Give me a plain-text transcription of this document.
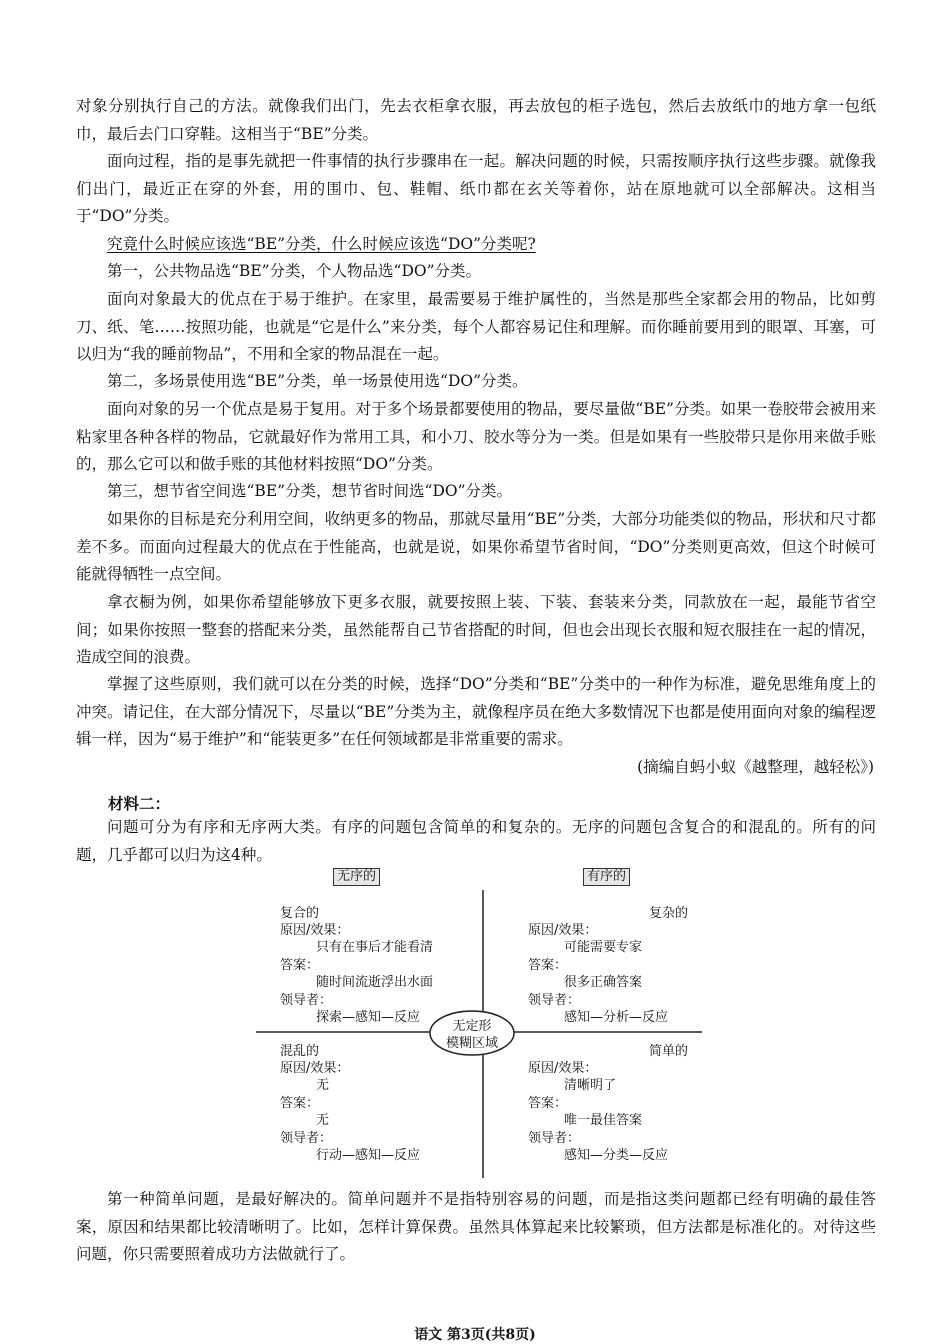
对象分别执行自己的方法。就像我们出门，先去衣柜拿衣服，再去放包的柜子选包，然后去放纸巾的地方拿一包纸巾，最后去门口穿鞋。这相当于“BE”分类。

面向过程，指的是事先就把一件事情的执行步骤串在一起。解决问题的时候，只需按顺序执行这些步骤。就像我们出门，最近正在穿的外套，用的围巾、包、鞋帽、纸巾都在玄关等着你，站在原地就可以全部解决。这相当于“DO”分类。

究竟什么时候应该选“BE”分类，什么时候应该选“DO”分类呢?

第一，公共物品选“BE”分类，个人物品选“DO”分类。

面向对象最大的优点在于易于维护。在家里，最需要易于维护属性的，当然是那些全家都会用的物品，比如剪刀、纸、笔……按照功能，也就是“它是什么”来分类，每个人都容易记住和理解。而你睡前要用到的眼罩、耳塞，可以归为“我的睡前物品”，不用和全家的物品混在一起。

第二，多场景使用选“BE”分类，单一场景使用选“DO”分类。

面向对象的另一个优点是易于复用。对于多个场景都要使用的物品，要尽量做“BE”分类。如果一卷胶带会被用来粘家里各种各样的物品，它就最好作为常用工具，和小刀、胶水等分为一类。但是如果有一些胶带只是你用来做手账的，那么它可以和做手账的其他材料按照“DO”分类。

第三，想节省空间选“BE”分类，想节省时间选“DO”分类。

如果你的目标是充分利用空间，收纳更多的物品，那就尽量用“BE”分类，大部分功能类似的物品，形状和尺寸都差不多。而面向过程最大的优点在于性能高，也就是说，如果你希望节省时间，“DO”分类则更高效，但这个时候可能就得牺牲一点空间。

拿衣橱为例，如果你希望能够放下更多衣服，就要按照上装、下装、套装来分类，同款放在一起，最能节省空间；如果你按照一整套的搭配来分类，虽然能帮自己节省搭配的时间，但也会出现长衣服和短衣服挂在一起的情况，造成空间的浪费。

掌握了这些原则，我们就可以在分类的时候，选择“DO”分类和“BE”分类中的一种作为标准，避免思维角度上的冲突。请记住，在大部分情况下，尽量以“BE”分类为主，就像程序员在绝大多数情况下也都是使用面向对象的编程逻辑一样，因为“易于维护”和“能装更多”在任何领域都是非常重要的需求。

(摘编自蚂小蚁《越整理，越轻松》)
材料二：

问题可分为有序和无序两大类。有序的问题包含简单的和复杂的。无序的问题包含复合的和混乱的。所有的问题，几乎都可以归为这4种。

无序的	有序的
无定形
模糊区域
复合的
原因/效果：
只有在事后才能看清
答案：
随时间流逝浮出水面
领导者：
探索—感知—反应
复杂的
原因/效果：
可能需要专家
答案：
很多正确答案
领导者：
感知—分析—反应
混乱的
原因/效果：
无
答案：
无
领导者：
行动—感知—反应
简单的
原因/效果：
清晰明了
答案：
唯一最佳答案
领导者：
感知—分类—反应

第一种简单问题，是最好解决的。简单问题并不是指特别容易的问题，而是指这类问题都已经有明确的最佳答案，原因和结果都比较清晰明了。比如，怎样计算保费。虽然具体算起来比较繁琐，但方法都是标准化的。对待这些问题，你只需要照着成功方法做就行了。

语文 第3页(共8页)
